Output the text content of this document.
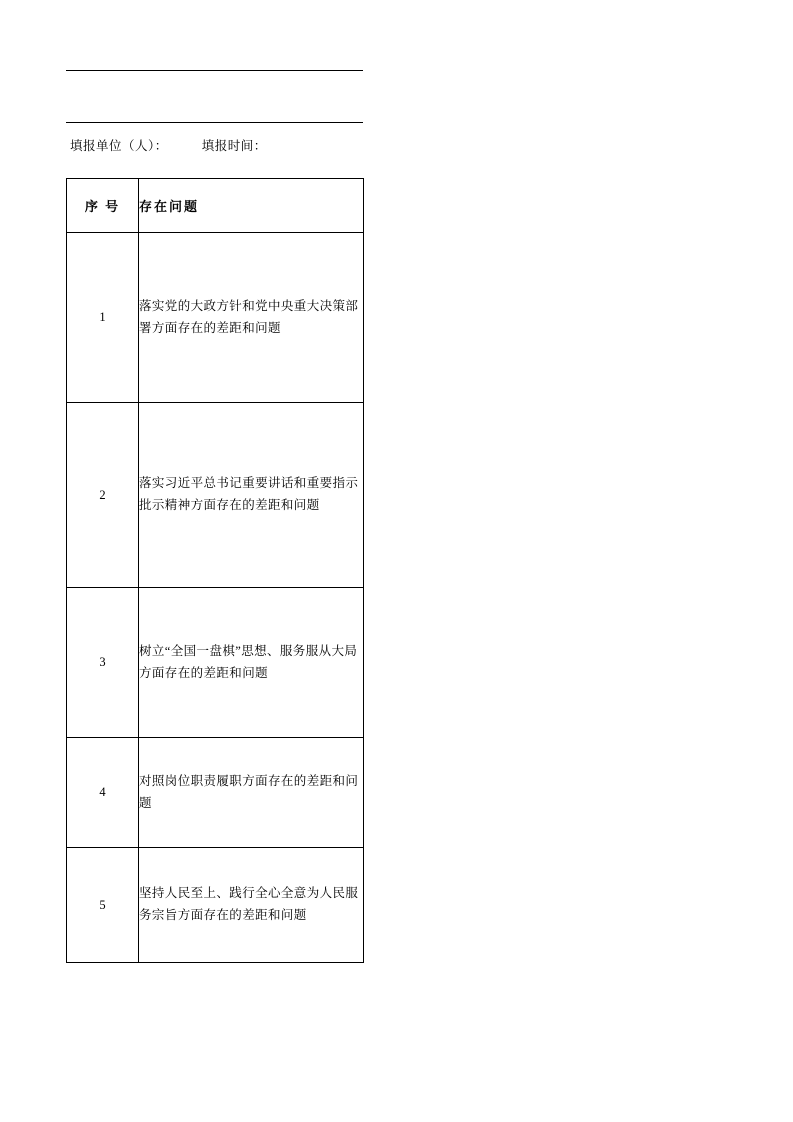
填报单位（人）：	填报时间：
序 号	存在问题
1	落实党的大政方针和党中央重大决策部署方面存在的差距和问题
2	落实习近平总书记重要讲话和重要指示批示精神方面存在的差距和问题
3	树立“全国一盘棋”思想、服务服从大局方面存在的差距和问题
4	对照岗位职责履职方面存在的差距和问题
5	坚持人民至上、践行全心全意为人民服务宗旨方面存在的差距和问题
